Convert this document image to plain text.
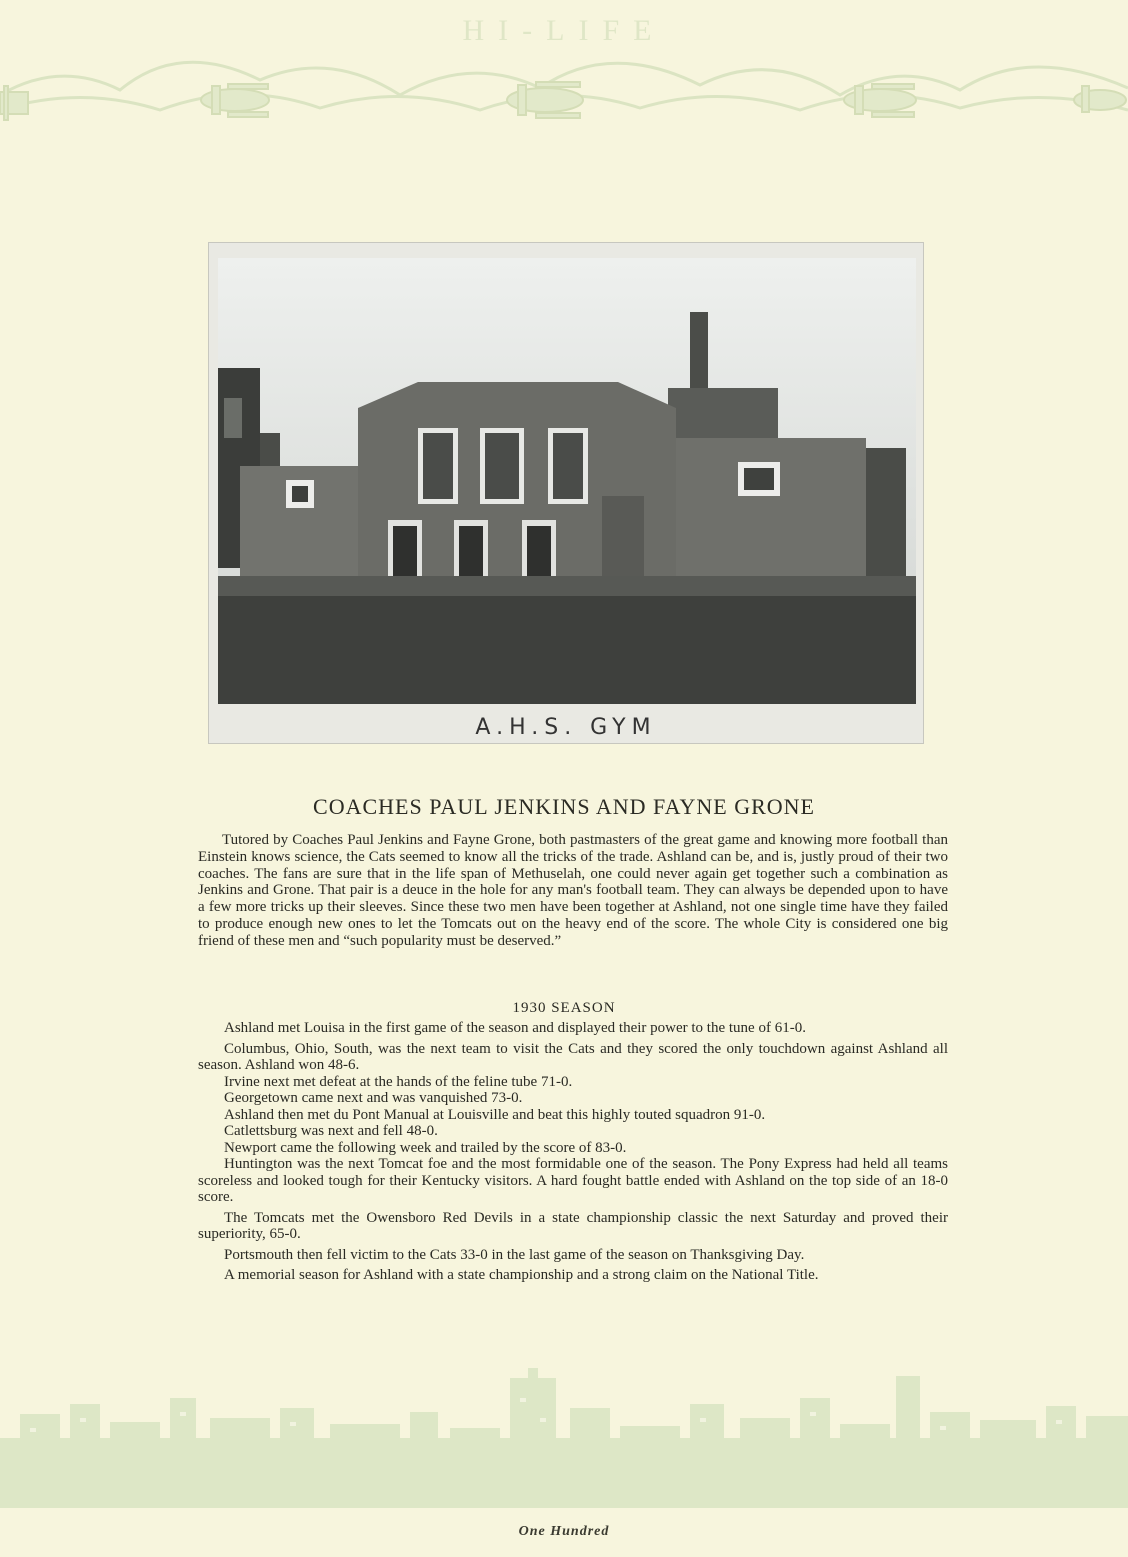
HI-LIFE
A.H.S. GYM
COACHES PAUL JENKINS AND FAYNE GRONE

Tutored by Coaches Paul Jenkins and Fayne Grone, both pastmasters of the great game and knowing more football than Einstein knows science, the Cats seemed to know all the tricks of the trade. Ashland can be, and is, justly proud of their two coaches. The fans are sure that in the life span of Methuselah, one could never again get together such a combination as Jenkins and Grone. That pair is a deuce in the hole for any man's football team. They can always be depended upon to have a few more tricks up their sleeves. Since these two men have been together at Ashland, not one single time have they failed to produce enough new ones to let the Tomcats out on the heavy end of the score. The whole City is considered one big friend of these men and “such popularity must be deserved.”

1930 SEASON

Ashland met Louisa in the first game of the season and displayed their power to the tune of 61-0.

Columbus, Ohio, South, was the next team to visit the Cats and they scored the only touchdown against Ashland all season. Ashland won 48-6.

Irvine next met defeat at the hands of the feline tube 71-0.

Georgetown came next and was vanquished 73-0.

Ashland then met du Pont Manual at Louisville and beat this highly touted squadron 91-0.

Catlettsburg was next and fell 48-0.

Newport came the following week and trailed by the score of 83-0.

Huntington was the next Tomcat foe and the most formidable one of the season. The Pony Express had held all teams scoreless and looked tough for their Kentucky visitors. A hard fought battle ended with Ashland on the top side of an 18-0 score.

The Tomcats met the Owensboro Red Devils in a state championship classic the next Saturday and proved their superiority, 65-0.

Portsmouth then fell victim to the Cats 33-0 in the last game of the season on Thanksgiving Day.

A memorial season for Ashland with a state championship and a strong claim on the National Title.

One Hundred
